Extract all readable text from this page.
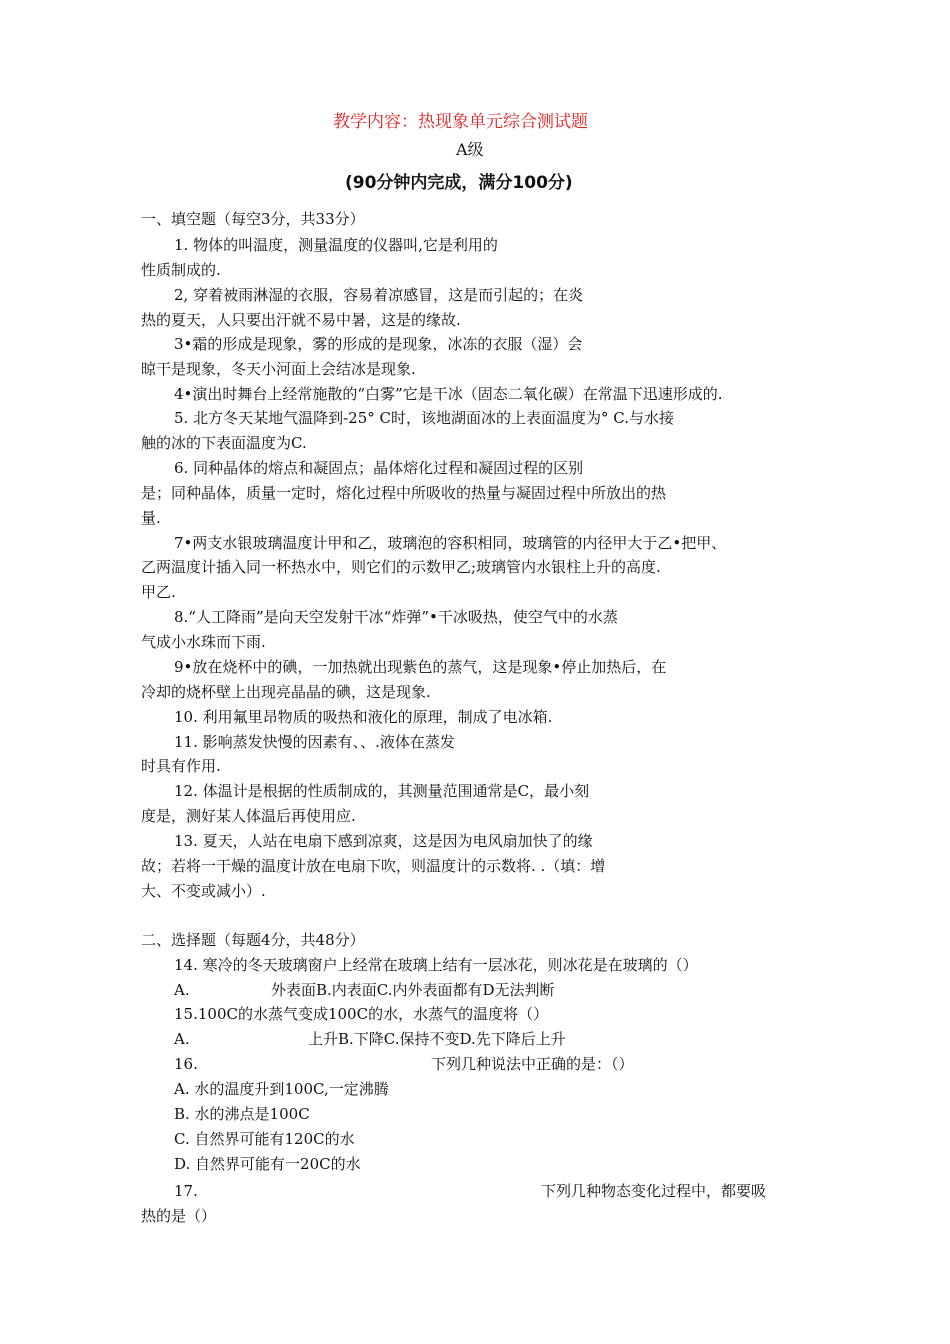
教学内容：热现象单元综合测试题
A级
(90分钟内完成，满分100分)
一、填空题（每空3分，共33分）
1. 物体的叫温度，测量温度的仪器叫,它是利用的
性质制成的.
2, 穿着被雨淋湿的衣服，容易着凉感冒，这是而引起的；在炎
热的夏天，人只要出汗就不易中暑，这是的缘故.
3•霜的形成是现象，雾的形成的是现象，冰冻的衣服（湿）会
晾干是现象，冬天小河面上会结冰是现象.
4•演出时舞台上经常施散的“白雾”它是干冰（固态二氧化碳）在常温下迅速形成的.
5. 北方冬天某地气温降到-25° C时，该地湖面冰的上表面温度为° C.与水接
触的冰的下表面温度为C.
6. 同种晶体的熔点和凝固点；晶体熔化过程和凝固过程的区别
是；同种晶体，质量一定时，熔化过程中所吸收的热量与凝固过程中所放出的热
量.
7•两支水银玻璃温度计甲和乙，玻璃泡的容积相同，玻璃管的内径甲大于乙•把甲、
乙两温度计插入同一杯热水中，则它们的示数甲乙;玻璃管内水银柱上升的高度.
甲乙.
8.“人工降雨”是向天空发射干冰“炸弹”•干冰吸热，使空气中的水蒸
气成小水珠而下雨.
9•放在烧杯中的碘，一加热就出现紫色的蒸气，这是现象•停止加热后，在
冷却的烧杯壁上出现亮晶晶的碘，这是现象.
10. 利用氟里昂物质的吸热和液化的原理，制成了电冰箱.
11. 影响蒸发快慢的因素有、、.液体在蒸发
时具有作用.
12. 体温计是根据的性质制成的，其测量范围通常是C，最小刻
度是，测好某人体温后再使用应.
13. 夏天，人站在电扇下感到凉爽，这是因为电风扇加快了的缘
故；若将一干燥的温度计放在电扇下吹，则温度计的示数将. .（填：增
大、不变或减小）.
二、选择题（每题4分，共48分）
14. 寒冷的冬天玻璃窗户上经常在玻璃上结有一层冰花，则冰花是在玻璃的（）
A.	外表面B.内表面C.内外表面都有D无法判断
15.100C的水蒸气变成100C的水，水蒸气的温度将（）
A.	上升B.下降C.保持不变D.先下降后上升
16.	下列几种说法中正确的是：（）
A. 水的温度升到100C,一定沸腾
B. 水的沸点是100C
C. 自然界可能有120C的水
D. 自然界可能有一20C的水
17.	下列几种物态变化过程中，都要吸
热的是（）
